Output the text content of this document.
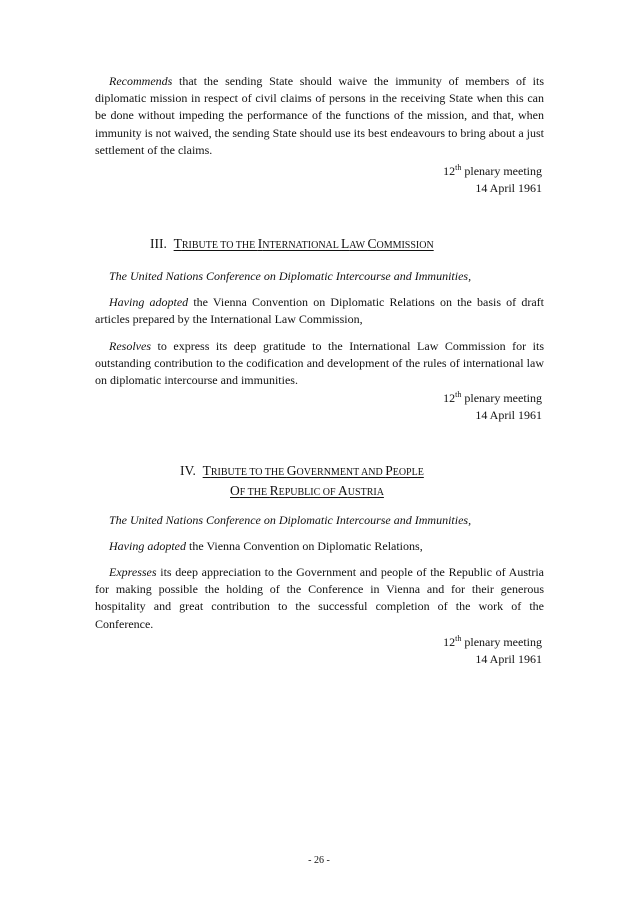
Recommends that the sending State should waive the immunity of members of its diplomatic mission in respect of civil claims of persons in the receiving State when this can be done without impeding the performance of the functions of the mission, and that, when immunity is not waived, the sending State should use its best endeavours to bring about a just settlement of the claims.

12th plenary meeting
14 April 1961
III. TRIBUTE TO THE INTERNATIONAL LAW COMMISSION

The United Nations Conference on Diplomatic Intercourse and Immunities,

Having adopted the Vienna Convention on Diplomatic Relations on the basis of draft articles prepared by the International Law Commission,

Resolves to express its deep gratitude to the International Law Commission for its outstanding contribution to the codification and development of the rules of international law on diplomatic intercourse and immunities.

12th plenary meeting
14 April 1961
IV. TRIBUTE TO THE GOVERNMENT AND PEOPLE
OF THE REPUBLIC OF AUSTRIA

The United Nations Conference on Diplomatic Intercourse and Immunities,

Having adopted the Vienna Convention on Diplomatic Relations,

Expresses its deep appreciation to the Government and people of the Republic of Austria for making possible the holding of the Conference in Vienna and for their generous hospitality and great contribution to the successful completion of the work of the Conference.

12th plenary meeting
14 April 1961
- 26 -
